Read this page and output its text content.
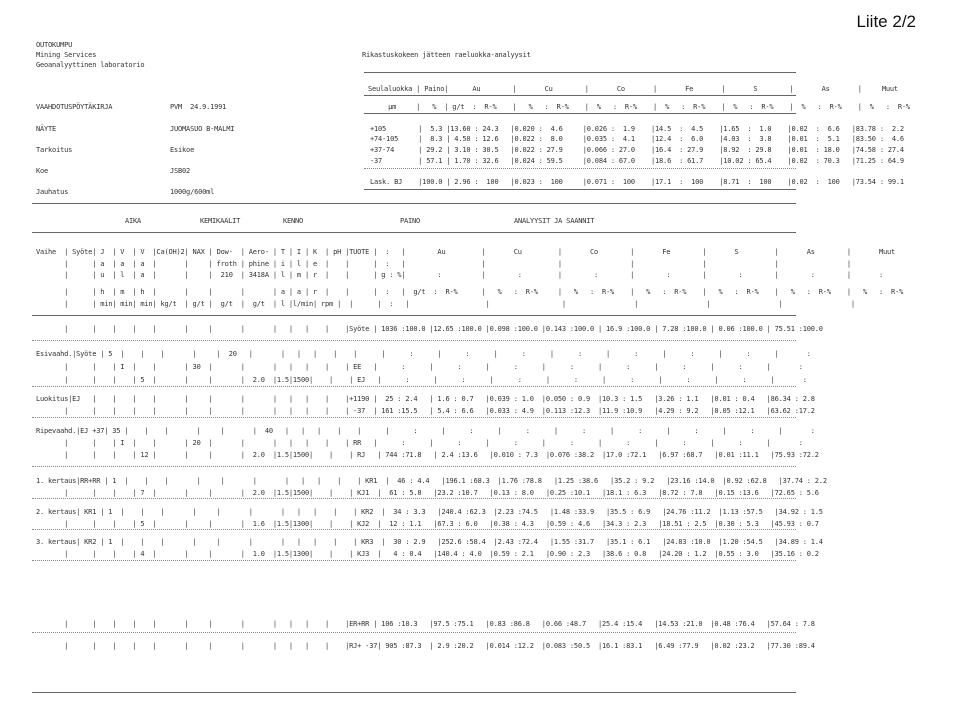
Liite 2/2
OUTOKUMPU
Mining Services
Geoanalyyttinen laboratorio
Rikastuskokeen jätteen raeluokka-analyysit
VAAHDOTUSPÖYTÄKIRJA	PVM  24.9.1991
NÄYTE	JUOMASUO B-MALMI
Tarkoitus	Esikoe
Koe	JSB02
Jauhatus	1000g/600ml
Seulaluokka | Paino|      Au        |       Cu        |       Co       |       Fe       |       S        |       As       |     Muut
µm     |   %  | g/t  :  R-%    |   %   :  R-%    |  %   :  R-%    |  %   :  R-%    |  %   :  R-%    |  %   :  R-%    |  %   :  R-%
+105        |  5.3 |13.60 : 24.3   |0.020 :  4.6     |0.026 :  1.9    |14.5  :  4.5    |1.65  :  1.0    |0.02  :  6.6   |83.78 :  2.2
+74-105     |  8.3 | 4.50 : 12.6   |0.022 :  8.0     |0.035 :  4.1    |12.4  :  6.0    |4.03  :  3.8    |0.01  :  5.1   |83.50 :  4.6
+37-74      | 29.2 | 3.10 : 30.5   |0.022 : 27.9     |0.066 : 27.0    |16.4  : 27.9    |8.92  : 29.8    |0.01  : 18.0   |74.58 : 27.4
-37         | 57.1 | 1.70 : 32.6   |0.024 : 59.5     |0.084 : 67.0    |18.6  : 61.7    |10.02 : 65.4    |0.02  : 70.3   |71.25 : 64.9
Lask. BJ    |100.0 | 2.96 :  100   |0.023 :  100     |0.071 :  100    |17.1  :  100    |8.71  :  100    |0.02  :  100   |73.54 : 99.1
AIKA	KEMIKAALIT	KENNO	PAINO	ANALYYSIT JA SAANNIT
Vaihe  | Syöte| J  | V  | V  |Ca(OH)2| NAX | Dow-  | Aero- | T | I | K  | pH |TUOTE |  :   |        Au         |       Cu         |       Co        |       Fe        |       S         |       As        |       Muut
|      | a  | a  | a  |       |     | froth | phine | i | l | e  |    |      |  :   |                   |                  |                 |                 |                 |                 |
|      | u  | l  | a  |       |     |  210  | 3418A | l | m | r  |    |      | g : %|        :          |        :         |        :        |        :        |        :        |        :        |       :
|      | h  | m  | h  |       |     |       |       | a | a | r  |    |      |  :   |  g/t  :  R-%      |   %   :  R-%     |   %   :  R-%    |   %   :  R-%    |   %   :  R-%    |   %   :  R-%    |   %   :  R-%
|      | min| min| min| kg/t  | g/t |  g/t  |  g/t  | l |l/min| rpm |  |      |  :   |                   |                  |                 |                 |                 |                 |
|      |    |    |    |       |     |       |       |   |   |    |    |Syöte | 1036 :100.0 |12.65 :100.0 |0.098 :100.0 |0.143 :100.0 | 16.9 :100.0 | 7.28 :100.0 | 0.06 :100.0 | 75.51 :100.0
Esivaahd.|Syöte | 5  |    |    |       |     |  20   |       |   |   |    |    |      |      :      |      :      |      :      |      :      |      :      |      :      |      :      |       :
|      |    | I  |    |       | 30  |       |       |   |   |    |    | EE   |      :      |      :      |      :      |      :      |      :      |      :      |      :      |       :
|      |    |    | 5  |       |     |       |  2.0  |1.5|1500|    |    | EJ   |      :      |      :      |      :      |      :      |      :      |      :      |      :      |       :
Luokitus|EJ   |    |    |    |       |     |       |       |   |   |    |    |+1190 |  25 : 2.4   | 1.6 : 0.7   |0.039 : 1.0  |0.050 : 0.9  |10.3 : 1.5   |3.26 : 1.1   |0.01 : 0.4   |86.34 : 2.8
|      |    |    |    |       |     |       |       |   |   |    |    | -37  | 161 :15.5   | 5.4 : 6.6   |0.033 : 4.9  |0.113 :12.3  |11.9 :10.9   |4.29 : 9.2   |0.05 :12.1   |63.62 :17.2
Ripevaahd.|EJ +37| 35 |    |    |       |     |       |  40   |   |   |    |    |      |      :      |      :      |      :      |      :      |      :      |      :      |      :      |       :
|      |    | I  |    |       | 20  |       |       |   |   |    |    | RR   |      :      |      :      |      :      |      :      |      :      |      :      |      :      |       :
|      |    |    | 12 |       |     |       |  2.0  |1.5|1500|    |    | RJ   | 744 :71.8   | 2.4 :13.6   |0.010 : 7.3  |0.076 :38.2  |17.0 :72.1   |6.97 :68.7   |0.01 :11.1   |75.93 :72.2
1. kertaus|RR+RR | 1  |    |    |       |     |       |       |   |   |    |    | KR1  |  46 : 4.4   |196.1 :68.3  |1.76 :78.8   |1.25 :38.6   |35.2 : 9.2   |23.16 :14.0  |0.92 :62.8   |37.74 : 2.2
|      |    |    | 7  |       |     |       |  2.0  |1.5|1500|    |    | KJ1  |  61 : 5.8   |23.2 :10.7   |0.13 : 8.0   |0.25 :10.1   |18.1 : 6.3   |8.72 : 7.8   |0.15 :13.6   |72.65 : 5.6
2. kertaus| KR1 | 1  |    |    |       |     |       |       |   |   |    |    | KR2  |  34 : 3.3   |240.4 :62.3  |2.23 :74.5   |1.48 :33.9   |35.5 : 6.9   |24.76 :11.2  |1.13 :57.5   |34.92 : 1.5
|      |    |    | 5  |       |     |       |  1.6  |1.5|1300|    |    | KJ2  |  12 : 1.1   |67.3 : 6.0   |0.38 : 4.3   |0.59 : 4.6   |34.3 : 2.3   |18.51 : 2.5  |0.30 : 5.3   |45.93 : 0.7
3. kertaus| KR2 | 1  |    |    |       |     |       |       |   |   |    |    | KR3  |  30 : 2.9   |252.6 :58.4  |2.43 :72.4   |1.55 :31.7   |35.1 : 6.1   |24.83 :10.0  |1.20 :54.5   |34.89 : 1.4
|      |    |    | 4  |       |     |       |  1.0  |1.5|1300|    |    | KJ3  |   4 : 0.4   |140.4 : 4.0  |0.59 : 2.1   |0.90 : 2.3   |38.6 : 0.8   |24.20 : 1.2  |0.55 : 3.0   |35.16 : 0.2
|      |    |    |    |       |     |       |       |   |   |    |    |ER+RR | 106 :10.3   |97.5 :75.1   |0.83 :86.8   |0.66 :48.7   |25.4 :15.4   |14.53 :21.0  |0.48 :76.4   |57.64 : 7.8
|      |    |    |    |       |     |       |       |   |   |    |    |RJ+ -37| 905 :87.3  | 2.9 :20.2   |0.014 :12.2  |0.083 :50.5  |16.1 :83.1   |6.49 :77.9   |0.02 :23.2   |77.30 :89.4
